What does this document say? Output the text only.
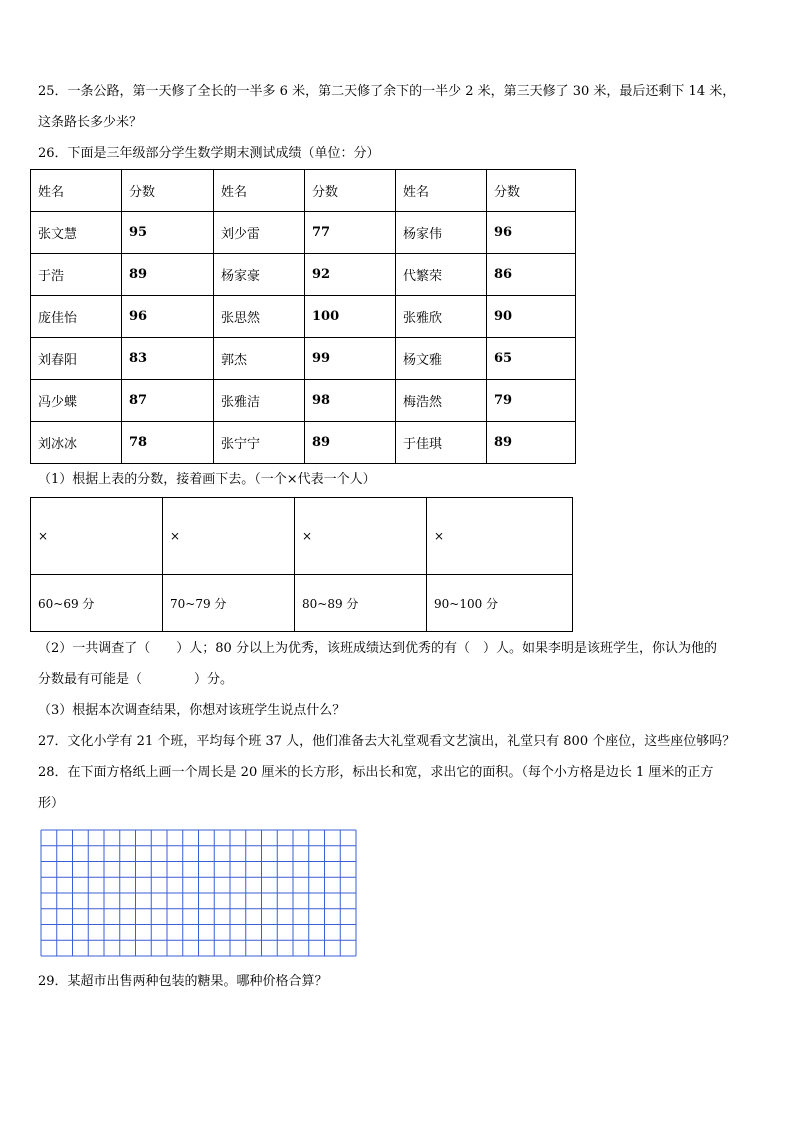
25．一条公路，第一天修了全长的一半多 6 米，第二天修了余下的一半少 2 米，第三天修了 30 米，最后还剩下 14 米，
这条路长多少米？
26．下面是三年级部分学生数学期末测试成绩（单位：分）
姓名	分数	姓名	分数	姓名	分数
张文慧	95	刘少雷	77	杨家伟	96
于浩	89	杨家豪	92	代繁荣	86
庞佳怡	96	张思然	100	张雅欣	90
刘春阳	83	郭杰	99	杨文雅	65
冯少蝶	87	张雅洁	98	梅浩然	79
刘冰冰	78	张宁宁	89	于佳琪	89
（1）根据上表的分数，接着画下去。（一个×代表一个人）
×	×	×	×
60~69 分	70~79 分	80~89 分	90~100 分
（2）一共调查了（　　）人；80 分以上为优秀，该班成绩达到优秀的有（　）人。如果李明是该班学生，你认为他的
分数最有可能是（　　　　）分。
（3）根据本次调查结果，你想对该班学生说点什么？
27．文化小学有 21 个班，平均每个班 37 人，他们准备去大礼堂观看文艺演出，礼堂只有 800 个座位，这些座位够吗？
28．在下面方格纸上画一个周长是 20 厘米的长方形，标出长和宽，求出它的面积。（每个小方格是边长 1 厘米的正方
形）
29．某超市出售两种包装的糖果。哪种价格合算？
